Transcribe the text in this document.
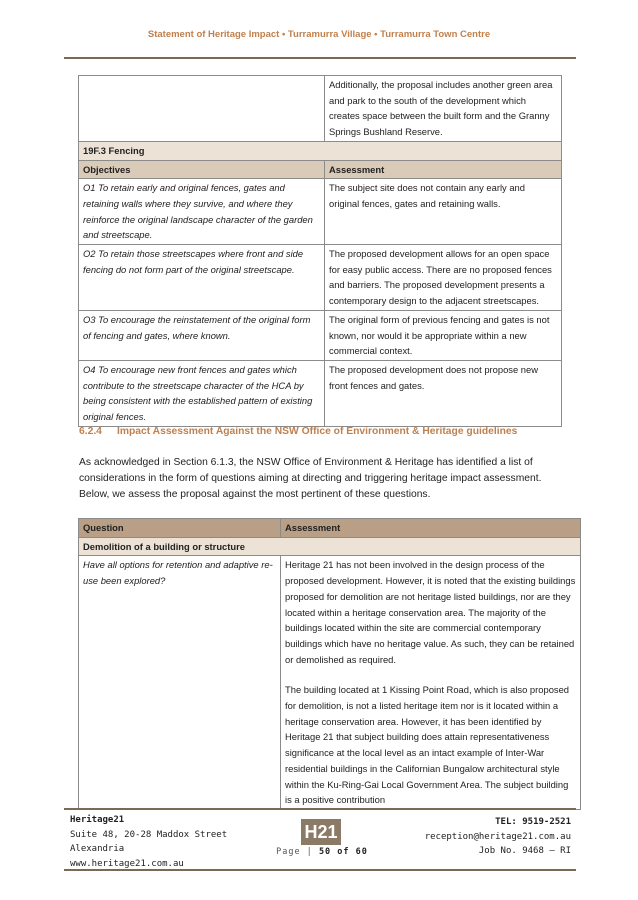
Statement of Heritage Impact • Turramurra Village • Turramurra Town Centre
	Additionally, the proposal includes another green area and park to the south of the development which creates space between the built form and the Granny Springs Bushland Reserve.
19F.3 Fencing	
Objectives	Assessment
O1 To retain early and original fences, gates and retaining walls where they survive, and where they reinforce the original landscape character of the garden and streetscape.	The subject site does not contain any early and original fences, gates and retaining walls.
O2 To retain those streetscapes where front and side fencing do not form part of the original streetscape.	The proposed development allows for an open space for easy public access. There are no proposed fences and barriers. The proposed development presents a contemporary design to the adjacent streetscapes.
O3 To encourage the reinstatement of the original form of fencing and gates, where known.	The original form of previous fencing and gates is not known, nor would it be appropriate within a new commercial context.
O4 To encourage new front fences and gates which contribute to the streetscape character of the HCA by being consistent with the established pattern of existing original fences.	The proposed development does not propose new front fences and gates.
6.2.4 Impact Assessment Against the NSW Office of Environment & Heritage guidelines
As acknowledged in Section 6.1.3, the NSW Office of Environment & Heritage has identified a list of considerations in the form of questions aiming at directing and triggering heritage impact assessment. Below, we assess the proposal against the most pertinent of these questions.
Question	Assessment
Demolition of a building or structure	
Have all options for retention and adaptive re-use been explored?	Heritage 21 has not been involved in the design process of the proposed development. However, it is noted that the existing buildings proposed for demolition are not heritage listed buildings, nor are they located within a heritage conservation area. The majority of the buildings located within the site are commercial contemporary buildings which have no heritage value. As such, they can be retained or demolished as required.

The building located at 1 Kissing Point Road, which is also proposed for demolition, is not a listed heritage item nor is it located within a heritage conservation area. However, it has been identified by Heritage 21 that subject building does attain representativeness significance at the local level as an intact example of Inter-War residential buildings in the Californian Bungalow architectural style within the Ku-Ring-Gai Local Government Area. The subject building is a positive contribution

Heritage21
Suite 48, 20-28 Maddox Street
Alexandria
www.heritage21.com.au
H21
Page | 50 of 60
TEL: 9519-2521
reception@heritage21.com.au
Job No. 9468 – RI
